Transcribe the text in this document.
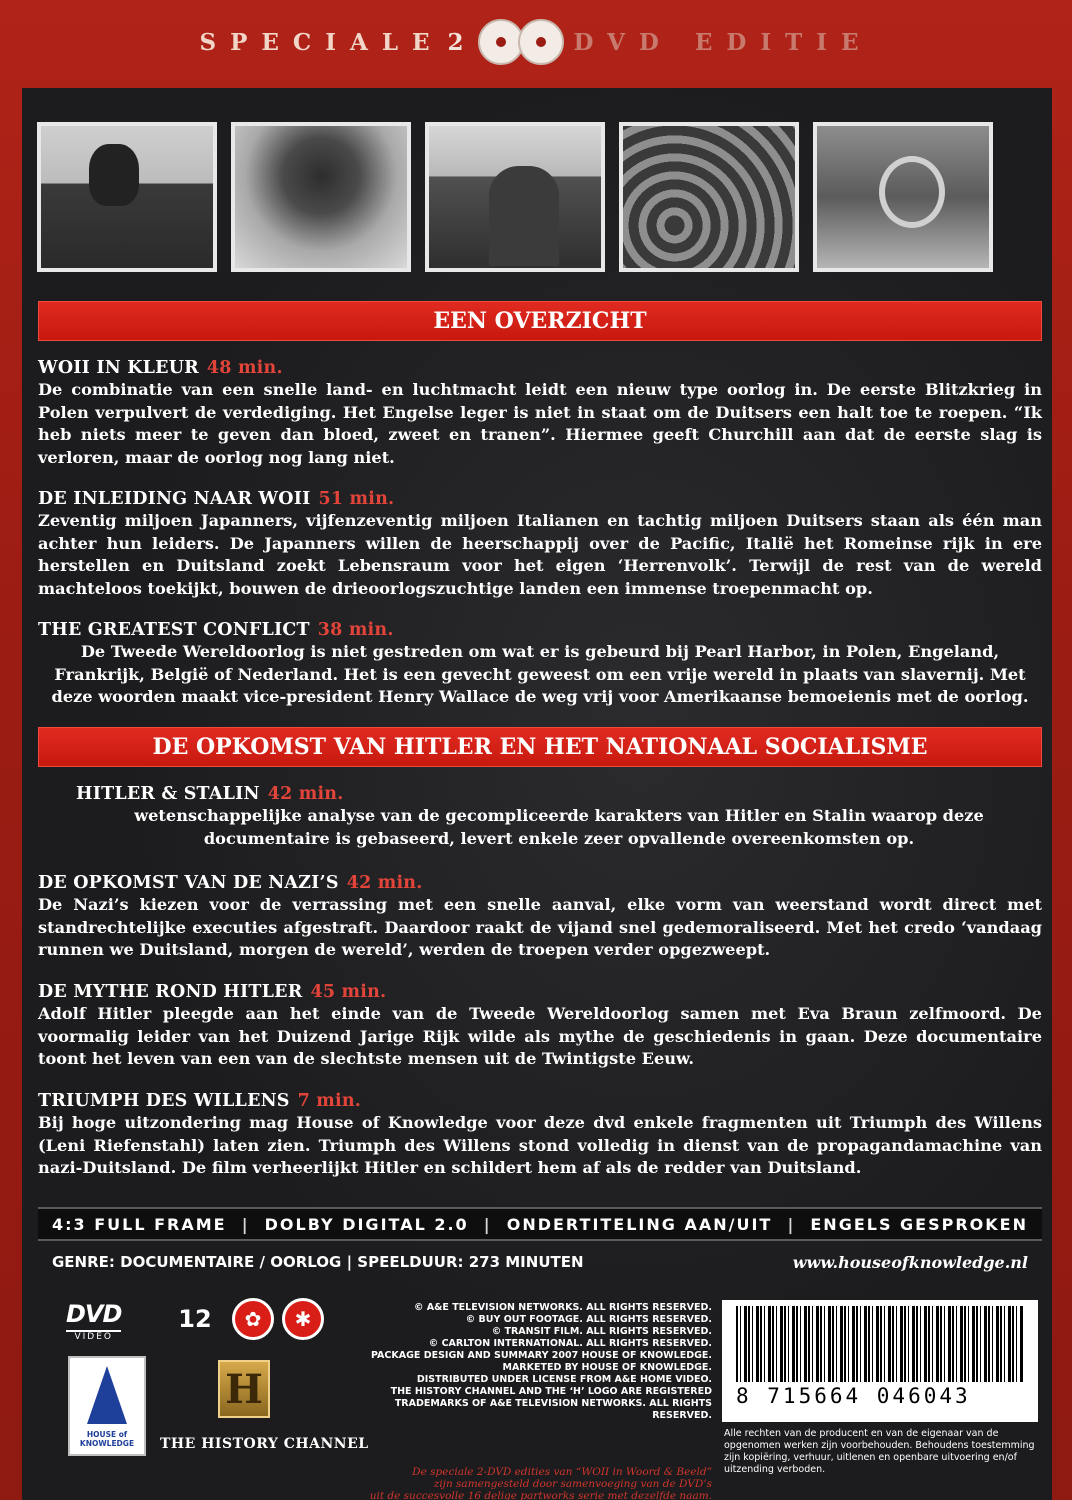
SPECIALE 2	DVD EDITIE
EEN OVERZICHT
WOII IN KLEUR 48 min.
De combinatie van een snelle land- en luchtmacht leidt een nieuw type oorlog in. De eerste Blitzkrieg in Polen verpulvert de verdediging. Het Engelse leger is niet in staat om de Duitsers een halt toe te roepen. “Ik heb niets meer te geven dan bloed, zweet en tranen”. Hiermee geeft Churchill aan dat de eerste slag is verloren, maar de oorlog nog lang niet.
DE INLEIDING NAAR WOII 51 min.
Zeventig miljoen Japanners, vijfenzeventig miljoen Italianen en tachtig miljoen Duitsers staan als één man achter hun leiders. De Japanners willen de heerschappij over de Pacific, Italië het Romeinse rijk in ere herstellen en Duitsland zoekt Lebensraum voor het eigen ‘Herrenvolk’. Terwijl de rest van de wereld machteloos toekijkt, bouwen de drieoorlogszuchtige landen een immense troepenmacht op.
THE GREATEST CONFLICT 38 min.
De Tweede Wereldoorlog is niet gestreden om wat er is gebeurd bij Pearl Harbor, in Polen, Engeland, Frankrijk, België of Nederland. Het is een gevecht geweest om een vrije wereld in plaats van slavernij. Met deze woorden maakt vice-president Henry Wallace de weg vrij voor Amerikaanse bemoeienis met de oorlog.
DE OPKOMST VAN HITLER EN HET NATIONAAL SOCIALISME
HITLER & STALIN 42 min.
wetenschappelijke analyse van de gecompliceerde karakters van Hitler en Stalin waarop deze documentaire is gebaseerd, levert enkele zeer opvallende overeenkomsten op.
DE OPKOMST VAN DE NAZI’S 42 min.
De Nazi’s kiezen voor de verrassing met een snelle aanval, elke vorm van weerstand wordt direct met standrechtelijke executies afgestraft. Daardoor raakt de vijand snel gedemoraliseerd. Met het credo ‘vandaag runnen we Duitsland, morgen de wereld’, werden de troepen verder opgezweept.
DE MYTHE ROND HITLER 45 min.
Adolf Hitler pleegde aan het einde van de Tweede Wereldoorlog samen met Eva Braun zelfmoord. De voormalig leider van het Duizend Jarige Rijk wilde als mythe de geschiedenis in gaan. Deze documentaire toont het leven van een van de slechtste mensen uit de Twintigste Eeuw.
TRIUMPH DES WILLENS 7 min.
Bij hoge uitzondering mag House of Knowledge voor deze dvd enkele fragmenten uit Triumph des Willens (Leni Riefenstahl) laten zien. Triumph des Willens stond volledig in dienst van de propagandamachine van nazi-Duitsland. De film verheerlijkt Hitler en schildert hem af als de redder van Duitsland.
4:3 FULL FRAME | DOLBY DIGITAL 2.0 | ONDERTITELING AAN/UIT | ENGELS GESPROKEN
GENRE: DOCUMENTAIRE / OORLOG | SPEELDUUR: 273 MINUTEN	www.houseofknowledge.nl
DVD
VIDEO
12	✿	✱
HOUSE of KNOWLEDGE
H
THE HISTORY CHANNEL
© A&E TELEVISION NETWORKS. ALL RIGHTS RESERVED.
© BUY OUT FOOTAGE. ALL RIGHTS RESERVED.
© TRANSIT FILM. ALL RIGHTS RESERVED.
© CARLTON INTERNATIONAL. ALL RIGHTS RESERVED.
PACKAGE DESIGN AND SUMMARY 2007 HOUSE OF KNOWLEDGE.
MARKETED BY HOUSE OF KNOWLEDGE.
DISTRIBUTED UNDER LICENSE FROM A&E HOME VIDEO.
THE HISTORY CHANNEL AND THE ‘H’ LOGO ARE REGISTERED
TRADEMARKS OF A&E TELEVISION NETWORKS. ALL RIGHTS RESERVED.
De speciale 2-DVD edities van “WOII in Woord & Beeld”
zijn samengesteld door samenvoeging van de DVD’s
uit de succesvolle 16 delige partworks serie met dezelfde naam.
8 715664 046043
Alle rechten van de producent en van de eigenaar van de opgenomen werken zijn voorbehouden. Behoudens toestemming zijn kopiëring, verhuur, uitlenen en openbare uitvoering en/of uitzending verboden.
